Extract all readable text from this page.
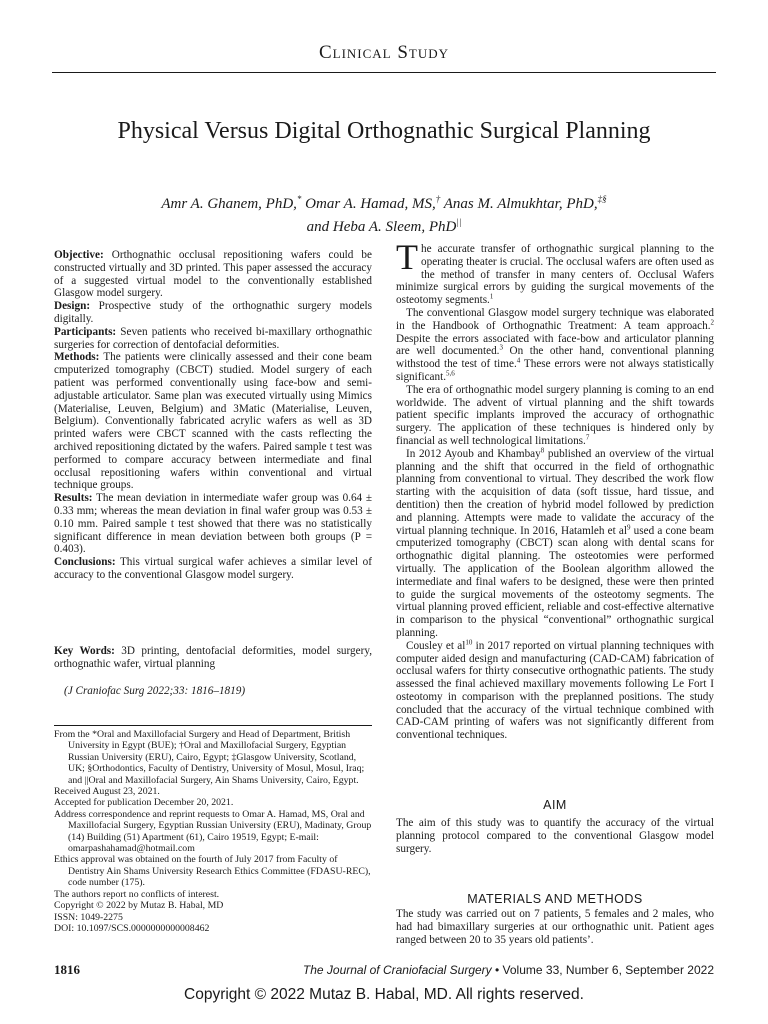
Clinical Study
Physical Versus Digital Orthognathic Surgical Planning
Amr A. Ghanem, PhD,* Omar A. Hamad, MS,† Anas M. Almukhtar, PhD,‡§
and Heba A. Sleem, PhD||

Objective: Orthognathic occlusal repositioning wafers could be constructed virtually and 3D printed. This paper assessed the accuracy of a suggested virtual model to the conventionally established Glasgow model surgery.

Design: Prospective study of the orthognathic surgery models digitally.

Participants: Seven patients who received bi-maxillary orthognathic surgeries for correction of dentofacial deformities.

Methods: The patients were clinically assessed and their cone beam cmputerized tomography (CBCT) studied. Model surgery of each patient was performed conventionally using face-bow and semi-adjustable articulator. Same plan was executed virtually using Mimics (Materialise, Leuven, Belgium) and 3Matic (Materialise, Leuven, Belgium). Conventionally fabricated acrylic wafers as well as 3D printed wafers were CBCT scanned with the casts reflecting the archived repositioning dictated by the wafers. Paired sample t test was performed to compare accuracy between intermediate and final occlusal repositioning wafers within conventional and virtual technique groups.

Results: The mean deviation in intermediate wafer group was 0.64 ± 0.33 mm; whereas the mean deviation in final wafer group was 0.53 ± 0.10 mm. Paired sample t test showed that there was no statistically significant difference in mean deviation between both groups (P = 0.403).

Conclusions: This virtual surgical wafer achieves a similar level of accuracy to the conventional Glasgow model surgery.

Key Words: 3D printing, dentofacial deformities, model surgery, orthognathic wafer, virtual planning
(J Craniofac Surg 2022;33: 1816–1819)

From the *Oral and Maxillofacial Surgery and Head of Department, British University in Egypt (BUE); †Oral and Maxillofacial Surgery, Egyptian Russian University (ERU), Cairo, Egypt; ‡Glasgow University, Scotland, UK; §Orthodontics, Faculty of Dentistry, University of Mosul, Mosul, Iraq; and ||Oral and Maxillofacial Surgery, Ain Shams University, Cairo, Egypt.

Received August 23, 2021.

Accepted for publication December 20, 2021.

Address correspondence and reprint requests to Omar A. Hamad, MS, Oral and Maxillofacial Surgery, Egyptian Russian University (ERU), Madinaty, Group (14) Building (51) Apartment (61), Cairo 19519, Egypt; E-mail: omarpashahamad@hotmail.com

Ethics approval was obtained on the fourth of July 2017 from Faculty of Dentistry Ain Shams University Research Ethics Committee (FDASU-REC), code number (175).

The authors report no conflicts of interest.

Copyright © 2022 by Mutaz B. Habal, MD

ISSN: 1049-2275

DOI: 10.1097/SCS.0000000000008462

The accurate transfer of orthognathic surgical planning to the operating theater is crucial. The occlusal wafers are often used as the method of transfer in many centers of. Occlusal Wafers minimize surgical errors by guiding the surgical movements of the osteotomy segments.$^1$

The conventional Glasgow model surgery technique was elaborated in the Handbook of Orthognathic Treatment: A team approach.$^2$ Despite the errors associated with face-bow and articulator planning are well documented.$^3$ On the other hand, conventional planning withstood the test of time.$^4$ These errors were not always statistically significant.$^{5,6}$

The era of orthognathic model surgery planning is coming to an end worldwide. The advent of virtual planning and the shift towards patient specific implants improved the accuracy of orthognathic surgery. The application of these techniques is hindered only by financial as well technological limitations.$^7$

In 2012 Ayoub and Khambay$^8$ published an overview of the virtual planning and the shift that occurred in the field of orthognathic planning from conventional to virtual. They described the work flow starting with the acquisition of data (soft tissue, hard tissue, and dentition) then the creation of hybrid model followed by prediction and planning. Attempts were made to validate the accuracy of the virtual planning technique. In 2016, Hatamleh et $al^9$ used a cone beam cmputerized tomography (CBCT) scan along with dental scans for orthognathic digital planning. The osteotomies were performed virtually. The application of the Boolean algorithm allowed the intermediate and final wafers to be designed, these were then printed to guide the surgical movements of the osteotomy segments. The virtual planning proved efficient, reliable and cost-effective alternative in comparison to the physical “conventional” orthognathic surgical planning.

Cousley et $al^{10}$ in 2017 reported on virtual planning techniques with computer aided design and manufacturing (CAD-CAM) fabrication of occlusal wafers for thirty consecutive orthognathic patients. The study assessed the final achieved maxillary movements following Le Fort I osteotomy in comparison with the preplanned positions. The study concluded that the accuracy of the virtual technique combined with CAD-CAM printing of wafers was not significantly different from conventional techniques.

AIM
The aim of this study was to quantify the accuracy of the virtual planning protocol compared to the conventional Glasgow model surgery.
MATERIALS AND METHODS
The study was carried out on 7 patients, 5 females and 2 males, who had had bimaxillary surgeries at our orthognathic unit. Patient ages ranged between 20 to 35 years old patients’.
1816	The Journal of Craniofacial Surgery • Volume 33, Number 6, September 2022
Copyright © 2022 Mutaz B. Habal, MD. All rights reserved.
